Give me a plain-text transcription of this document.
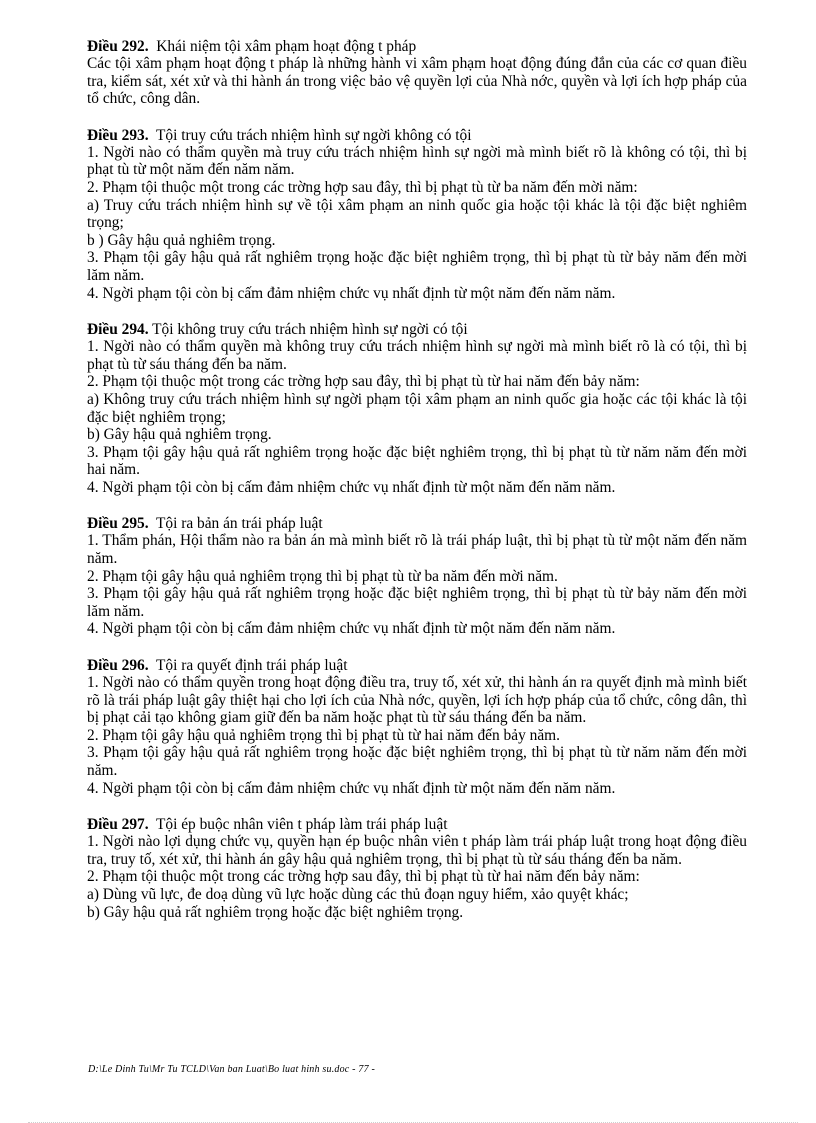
Điều 292. Khái niệm tội xâm phạm hoạt động t pháp
Các tội xâm phạm hoạt động t pháp là những hành vi xâm phạm hoạt động đúng đắn của các cơ quan điều tra, kiểm sát, xét xử và thi hành án trong việc bảo vệ quyền lợi của Nhà nớc, quyền và lợi ích hợp pháp của tổ chức, công dân.
Điều 293. Tội truy cứu trách nhiệm hình sự ngời không có tội
1. Ngời nào có thẩm quyền mà truy cứu trách nhiệm hình sự ngời mà mình biết rõ là không có tội, thì bị phạt tù từ một năm đến năm năm.
2. Phạm tội thuộc một trong các trờng hợp sau đây, thì bị phạt tù từ ba năm đến mời năm:
a) Truy cứu trách nhiệm hình sự về tội xâm phạm an ninh quốc gia hoặc tội khác là tội đặc biệt nghiêm trọng;
b ) Gây hậu quả nghiêm trọng.
3. Phạm tội gây hậu quả rất nghiêm trọng hoặc đặc biệt nghiêm trọng, thì bị phạt tù từ bảy năm đến mời lăm năm.
4. Ngời phạm tội còn bị cấm đảm nhiệm chức vụ nhất định từ một năm đến năm năm.
Điều 294. Tội không truy cứu trách nhiệm hình sự ngời có tội
1. Ngời nào có thẩm quyền mà không truy cứu trách nhiệm hình sự ngời mà mình biết rõ là có tội, thì bị phạt tù từ sáu tháng đến ba năm.
2. Phạm tội thuộc một trong các trờng hợp sau đây, thì bị phạt tù từ hai năm đến bảy năm:
a) Không truy cứu trách nhiệm hình sự ngời phạm tội xâm phạm an ninh quốc gia hoặc các tội khác là tội đặc biệt nghiêm trọng;
b) Gây hậu quả nghiêm trọng.
3. Phạm tội gây hậu quả rất nghiêm trọng hoặc đặc biệt nghiêm trọng, thì bị phạt tù từ năm năm đến mời hai năm.
4. Ngời phạm tội còn bị cấm đảm nhiệm chức vụ nhất định từ một năm đến năm năm.
Điều 295. Tội ra bản án trái pháp luật
1. Thẩm phán, Hội thẩm nào ra bản án mà mình biết rõ là trái pháp luật, thì bị phạt tù từ một năm đến năm năm.
2. Phạm tội gây hậu quả nghiêm trọng thì bị phạt tù từ ba năm đến mời năm.
3. Phạm tội gây hậu quả rất nghiêm trọng hoặc đặc biệt nghiêm trọng, thì bị phạt tù từ bảy năm đến mời lăm năm.
4. Ngời phạm tội còn bị cấm đảm nhiệm chức vụ nhất định từ một năm đến năm năm.
Điều 296. Tội ra quyết định trái pháp luật
1. Ngời nào có thẩm quyền trong hoạt động điều tra, truy tố, xét xử, thi hành án ra quyết định mà mình biết rõ là trái pháp luật gây thiệt hại cho lợi ích của Nhà nớc, quyền, lợi ích hợp pháp của tổ chức, công dân, thì bị phạt cải tạo không giam giữ đến ba năm hoặc phạt tù từ sáu tháng đến ba năm.
2. Phạm tội gây hậu quả nghiêm trọng thì bị phạt tù từ hai năm đến bảy năm.
3. Phạm tội gây hậu quả rất nghiêm trọng hoặc đặc biệt nghiêm trọng, thì bị phạt tù từ năm năm đến mời năm.
4. Ngời phạm tội còn bị cấm đảm nhiệm chức vụ nhất định từ một năm đến năm năm.
Điều 297. Tội ép buộc nhân viên t pháp làm trái pháp luật
1. Ngời nào lợi dụng chức vụ, quyền hạn ép buộc nhân viên t pháp làm trái pháp luật trong hoạt động điều tra, truy tố, xét xử, thi hành án gây hậu quả nghiêm trọng, thì bị phạt tù từ sáu tháng đến ba năm.
2. Phạm tội thuộc một trong các trờng hợp sau đây, thì bị phạt tù từ hai năm đến bảy năm:
a) Dùng vũ lực, đe doạ dùng vũ lực hoặc dùng các thủ đoạn nguy hiểm, xảo quyệt khác;
b) Gây hậu quả rất nghiêm trọng hoặc đặc biệt nghiêm trọng.
D:\Le Dinh Tu\Mr Tu TCLD\Van ban Luat\Bo luat hinh su.doc - 77 -
